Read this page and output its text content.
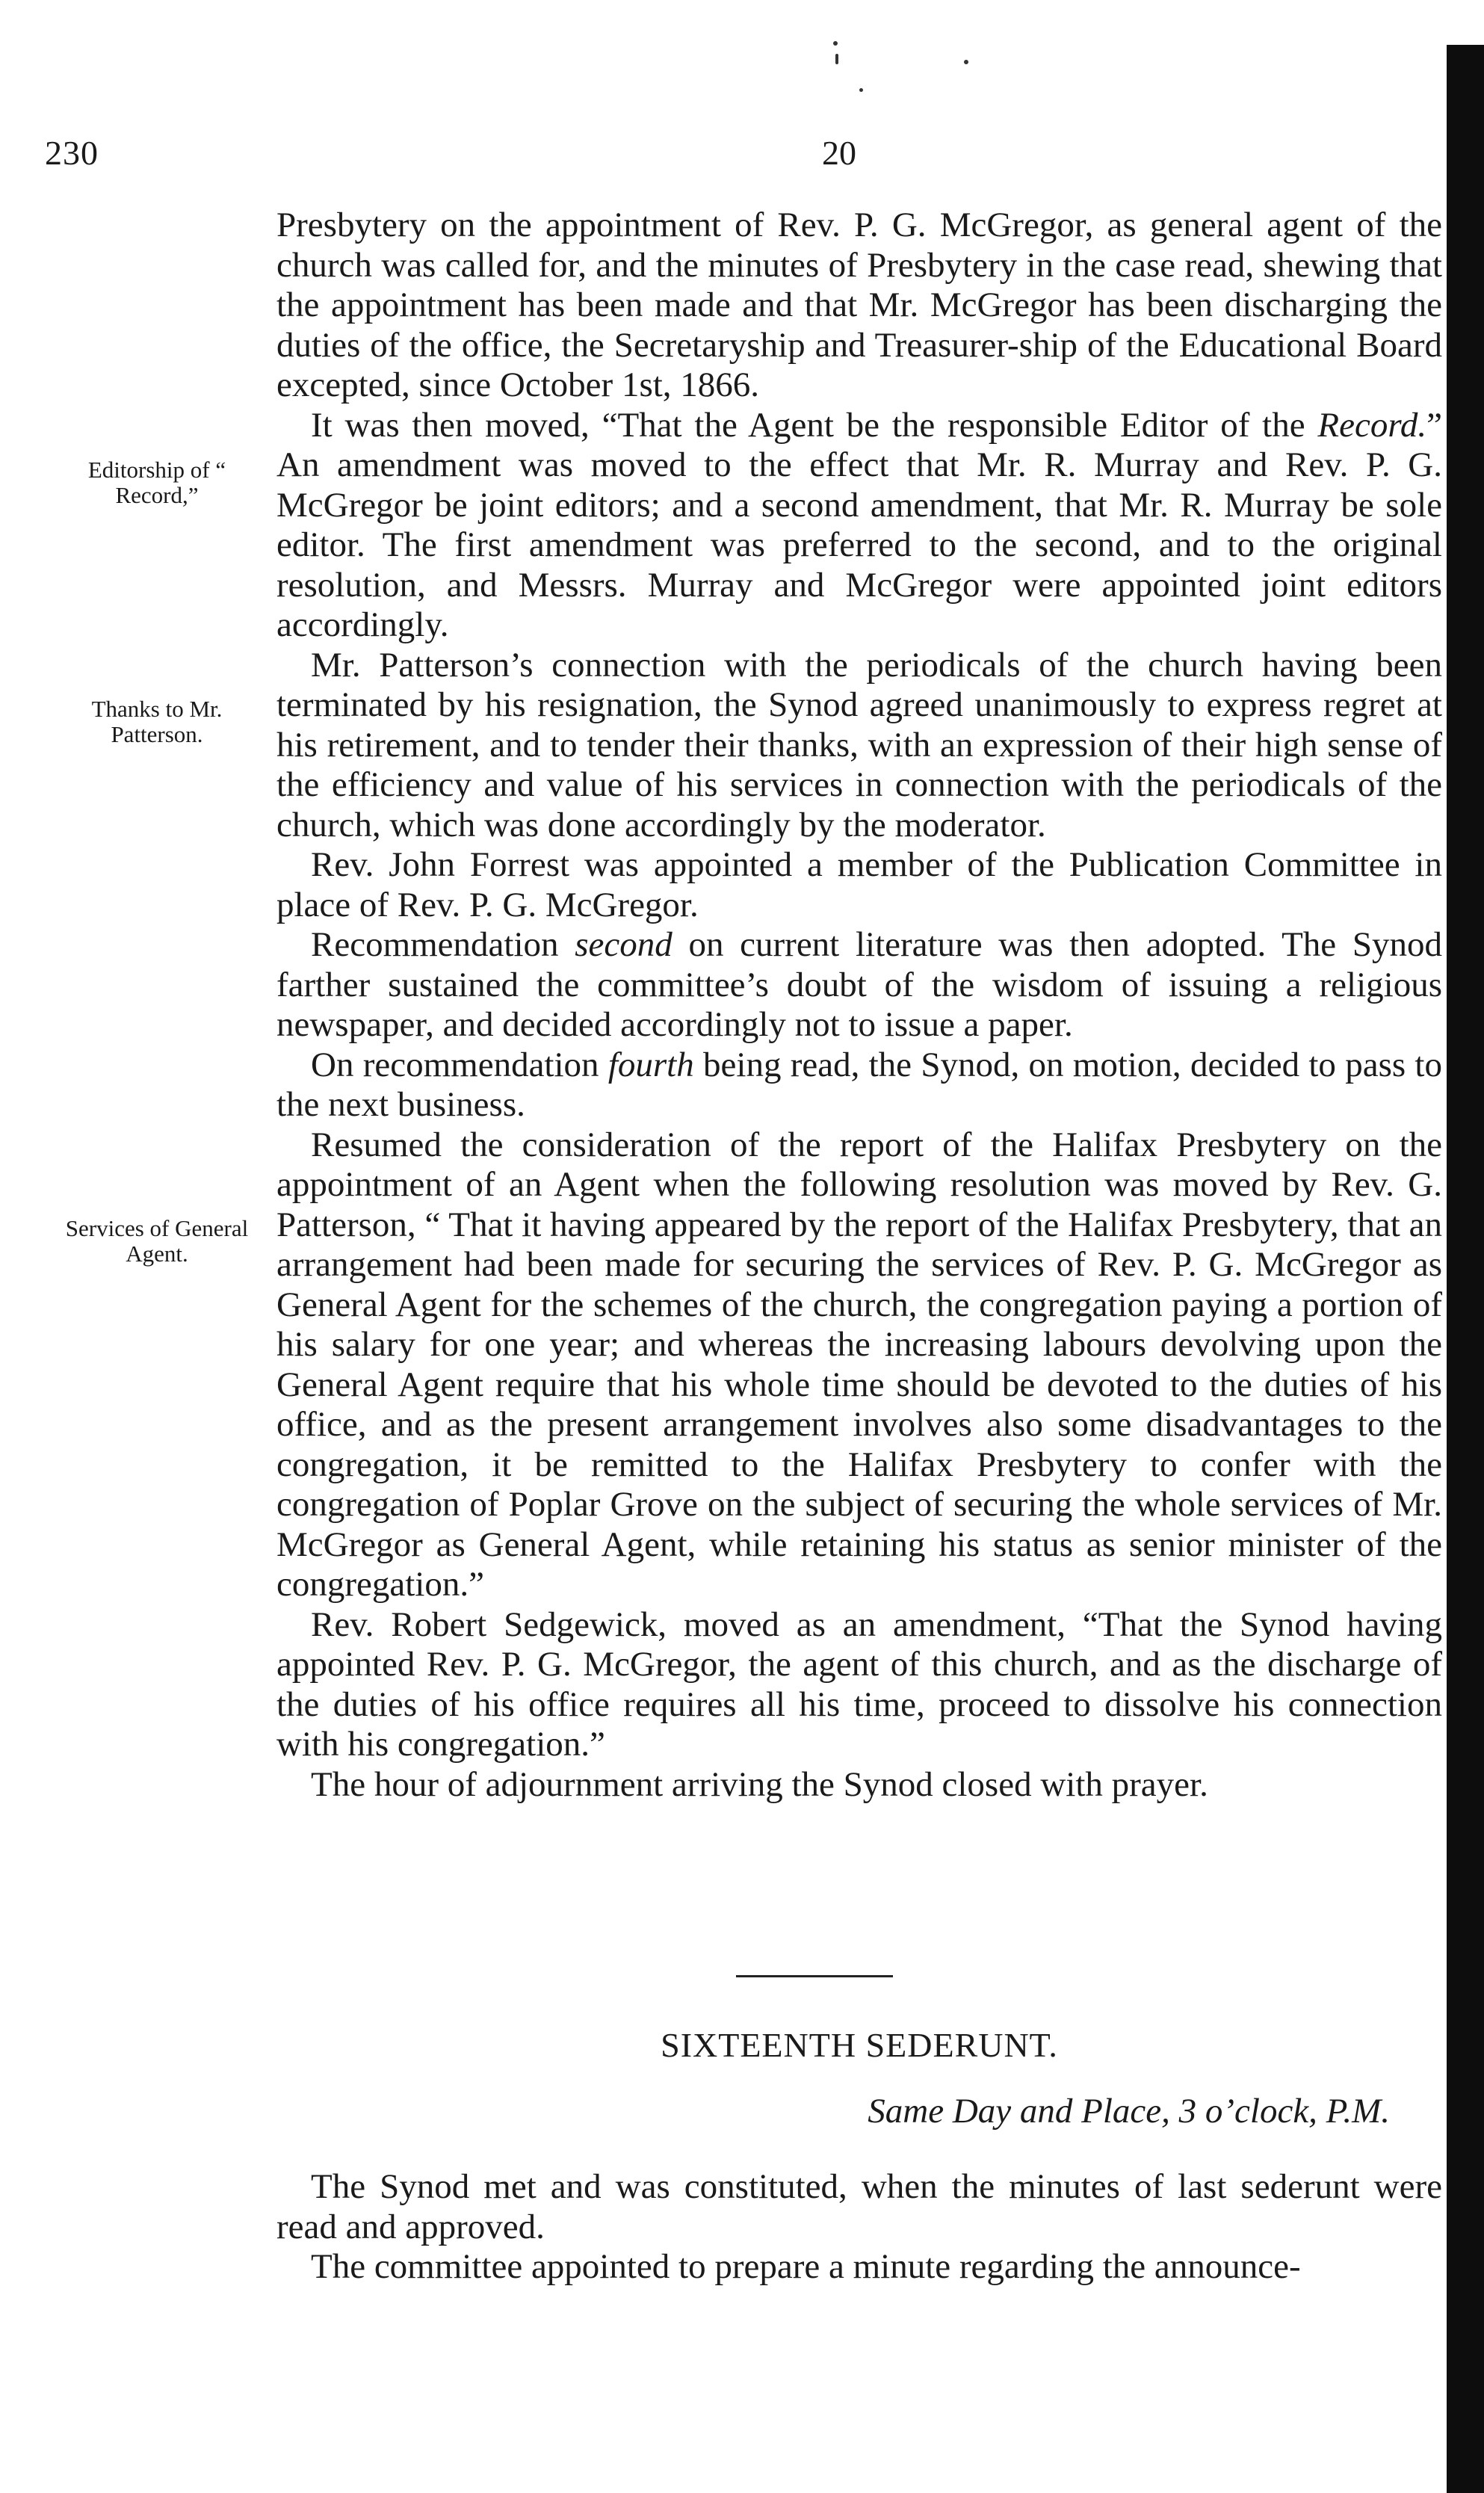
230	20
Editorship of “ Record,”
Thanks to Mr. Patterson.
Services of General Agent.

Presbytery on the appointment of Rev. P. G. McGregor, as general agent of the church was called for, and the minutes of Presbytery in the case read, shewing that the appointment has been made and that Mr. McGregor has been discharging the duties of the office, the Secretaryship and Treasurer-ship of the Educational Board excepted, since October 1st, 1866.

It was then moved, “That the Agent be the responsible Editor of the Record.” An amendment was moved to the effect that Mr. R. Murray and Rev. P. G. McGregor be joint editors; and a second amendment, that Mr. R. Murray be sole editor. The first amendment was preferred to the second, and to the original resolution, and Messrs. Murray and McGregor were appointed joint editors accordingly.

Mr. Patterson’s connection with the periodicals of the church having been terminated by his resignation, the Synod agreed unanimously to express regret at his retirement, and to tender their thanks, with an expression of their high sense of the efficiency and value of his services in connection with the periodicals of the church, which was done accordingly by the moderator.

Rev. John Forrest was appointed a member of the Publication Committee in place of Rev. P. G. McGregor.

Recommendation second on current literature was then adopted. The Synod farther sustained the committee’s doubt of the wisdom of issuing a religious newspaper, and decided accordingly not to issue a paper.

On recommendation fourth being read, the Synod, on motion, decided to pass to the next business.

Resumed the consideration of the report of the Halifax Presbytery on the appointment of an Agent when the following resolution was moved by Rev. G. Patterson, “ That it having appeared by the report of the Halifax Presbytery, that an arrangement had been made for securing the services of Rev. P. G. McGregor as General Agent for the schemes of the church, the congregation paying a portion of his salary for one year; and whereas the increasing labours devolving upon the General Agent require that his whole time should be devoted to the duties of his office, and as the present arrangement involves also some disadvantages to the congregation, it be remitted to the Halifax Presbytery to confer with the congregation of Poplar Grove on the subject of securing the whole services of Mr. McGregor as General Agent, while retaining his status as senior minister of the congregation.”

Rev. Robert Sedgewick, moved as an amendment, “That the Synod having appointed Rev. P. G. McGregor, the agent of this church, and as the discharge of the duties of his office requires all his time, proceed to dissolve his connection with his congregation.”

The hour of adjournment arriving the Synod closed with prayer.

SIXTEENTH SEDERUNT.
Same Day and Place, 3 o’clock, P.M.

The Synod met and was constituted, when the minutes of last sederunt were read and approved.

The committee appointed to prepare a minute regarding the announce-
